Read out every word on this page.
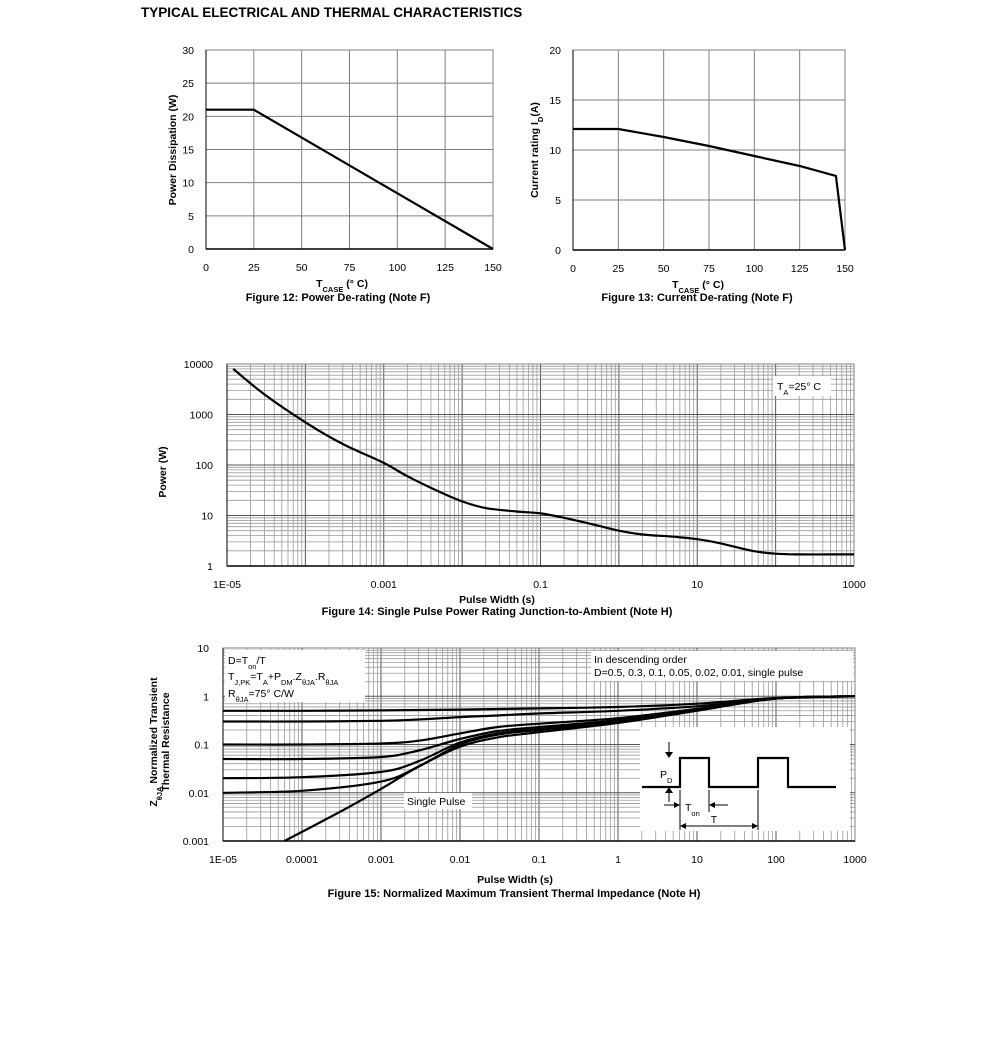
TYPICAL ELECTRICAL AND THERMAL CHARACTERISTICS
0	25	50	75	100	125	150
0
5
10
15
20
25
30
$T_{CASE}$ (° C)
Power Dissipation (W)
Figure 12: Power De-rating (Note F)
0	25	50	75	100	125	150
0
5
10
15
20
$T_{CASE}$ (° C)
Current rating $I_D(A)$
Figure 13: Current De-rating (Note F)
1E-05	0.001	0.1	10	1000
1
10
100
1000
10000
$T_A=25^\circ$ C
Pulse Width (s)
Power (W)
Figure 14: Single Pulse Power Rating Junction-to-Ambient (Note H)
1E-05	0.0001	0.001	0.01	0.1	1	10	100	1000
0.001
0.01
0.1
1
10
$D=T_{on}/T$
$T_{J,PK}=T_A+P_{DM}.Z_{\theta JA}.R_{\theta JA}$
$R_{\theta JA}=75^\circ$ C/W
In descending order
D=0.5, 0.3, 0.1, 0.05, 0.02, 0.01, single pulse
Single Pulse
$P_D$
$T_{on}$
T
Pulse Width (s)
$Z_{\theta JA}$ Normalized Transient Thermal Resistance
Figure 15: Normalized Maximum Transient Thermal Impedance (Note H)
